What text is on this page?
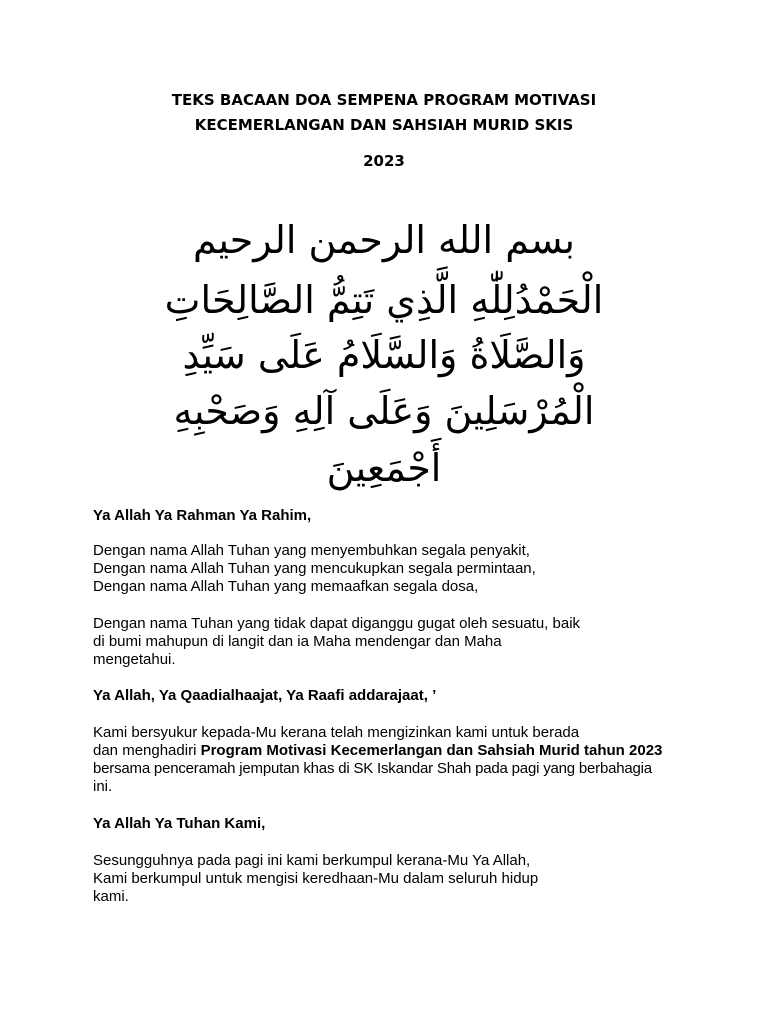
TEKS BACAAN DOA SEMPENA PROGRAM MOTIVASI
KECEMERLANGAN DAN SAHSIAH MURID SKIS
2023
بسم الله الرحمن الرحيم
الْحَمْدُلِلّٰهِ الَّذِي تَتِمُّ الصَّالِحَاتِ
وَالصَّلَاةُ وَالسَّلَامُ عَلَى سَيِّدِ
الْمُرْسَلِينَ وَعَلَى آلِهِ وَصَحْبِهِ
أَجْمَعِينَ
Ya Allah Ya Rahman Ya Rahim,
Dengan nama Allah Tuhan yang menyembuhkan segala penyakit,
Dengan nama Allah Tuhan yang mencukupkan segala permintaan,
Dengan nama Allah Tuhan yang memaafkan segala dosa,
Dengan nama Tuhan yang tidak dapat diganggu gugat oleh sesuatu, baik
di bumi mahupun di langit dan ia Maha mendengar dan Maha
mengetahui.
Ya Allah, Ya Qaadialhaajat, Ya Raafi addarajaat, ’
Kami bersyukur kepada-Mu kerana telah mengizinkan kami untuk berada
dan menghadiri Program Motivasi Kecemerlangan dan Sahsiah Murid tahun 2023
bersama penceramah jemputan khas di SK Iskandar Shah pada pagi yang berbahagia
ini.
Ya Allah Ya Tuhan Kami,
Sesungguhnya pada pagi ini kami berkumpul kerana-Mu Ya Allah,
Kami berkumpul untuk mengisi keredhaan-Mu dalam seluruh hidup
kami.
